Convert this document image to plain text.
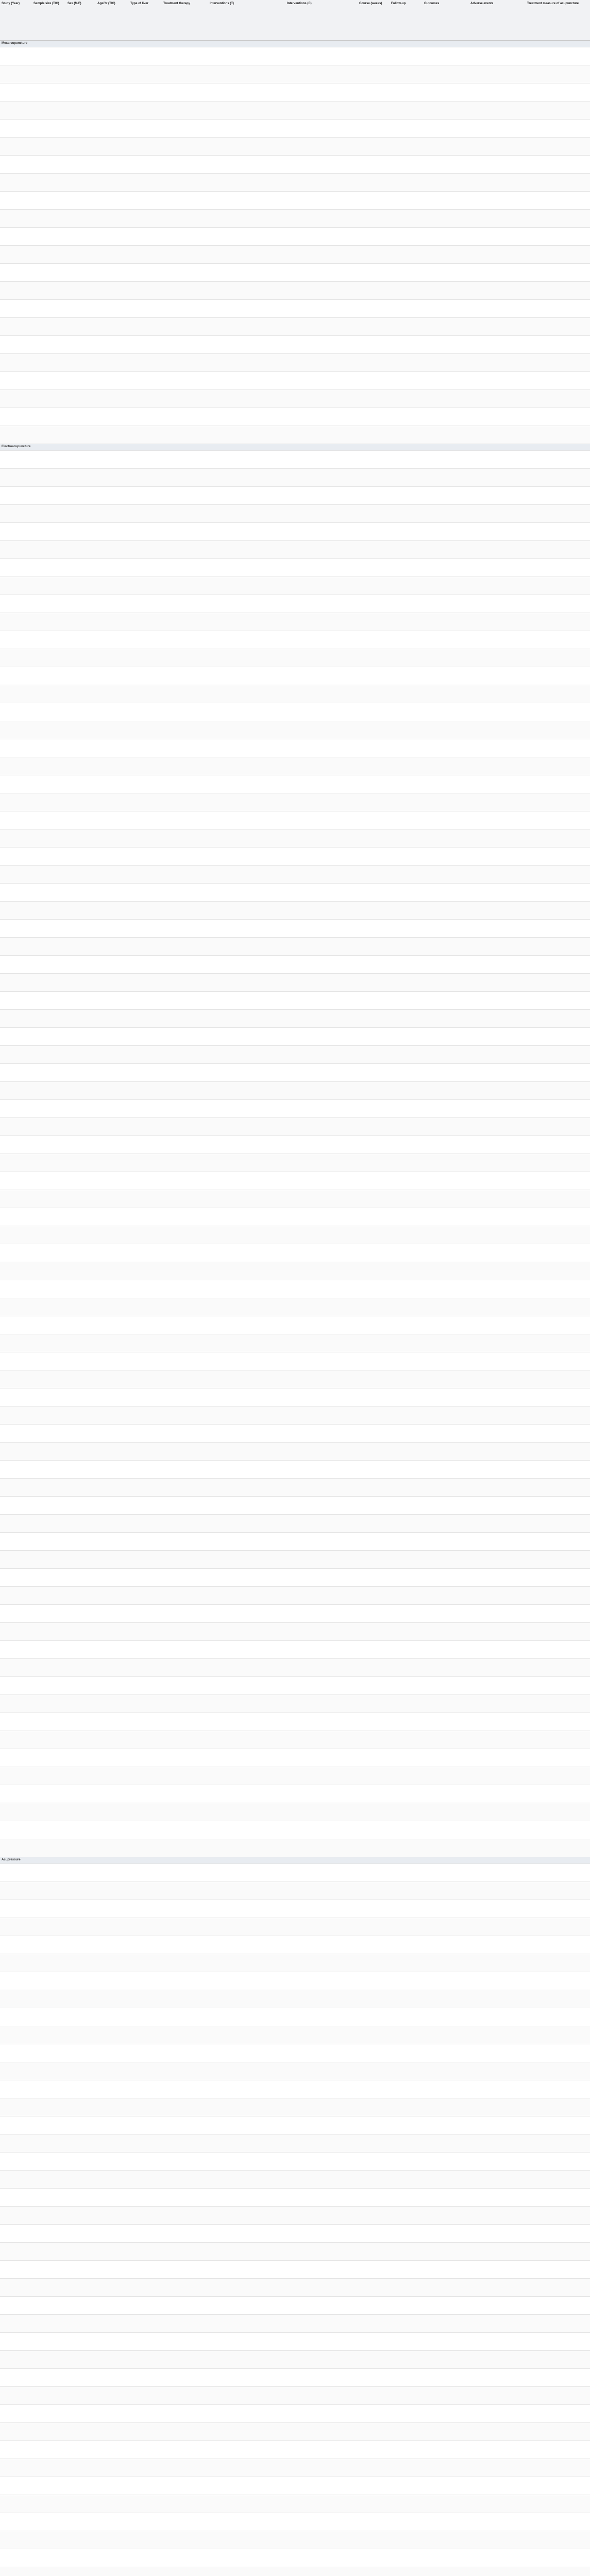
Study (Year)	Sample size (T/C)	Sex (M/F)	Age/Yr (T/C)	Type of liver	Treatment therapy	Interventions (T)	Interventions (C)	Course (weeks)	Follow-up	Outcomes	Adverse events	Treatment measure of acupuncture
Moxa-cupuncture												

Electroacupuncture												

Acupressure												
